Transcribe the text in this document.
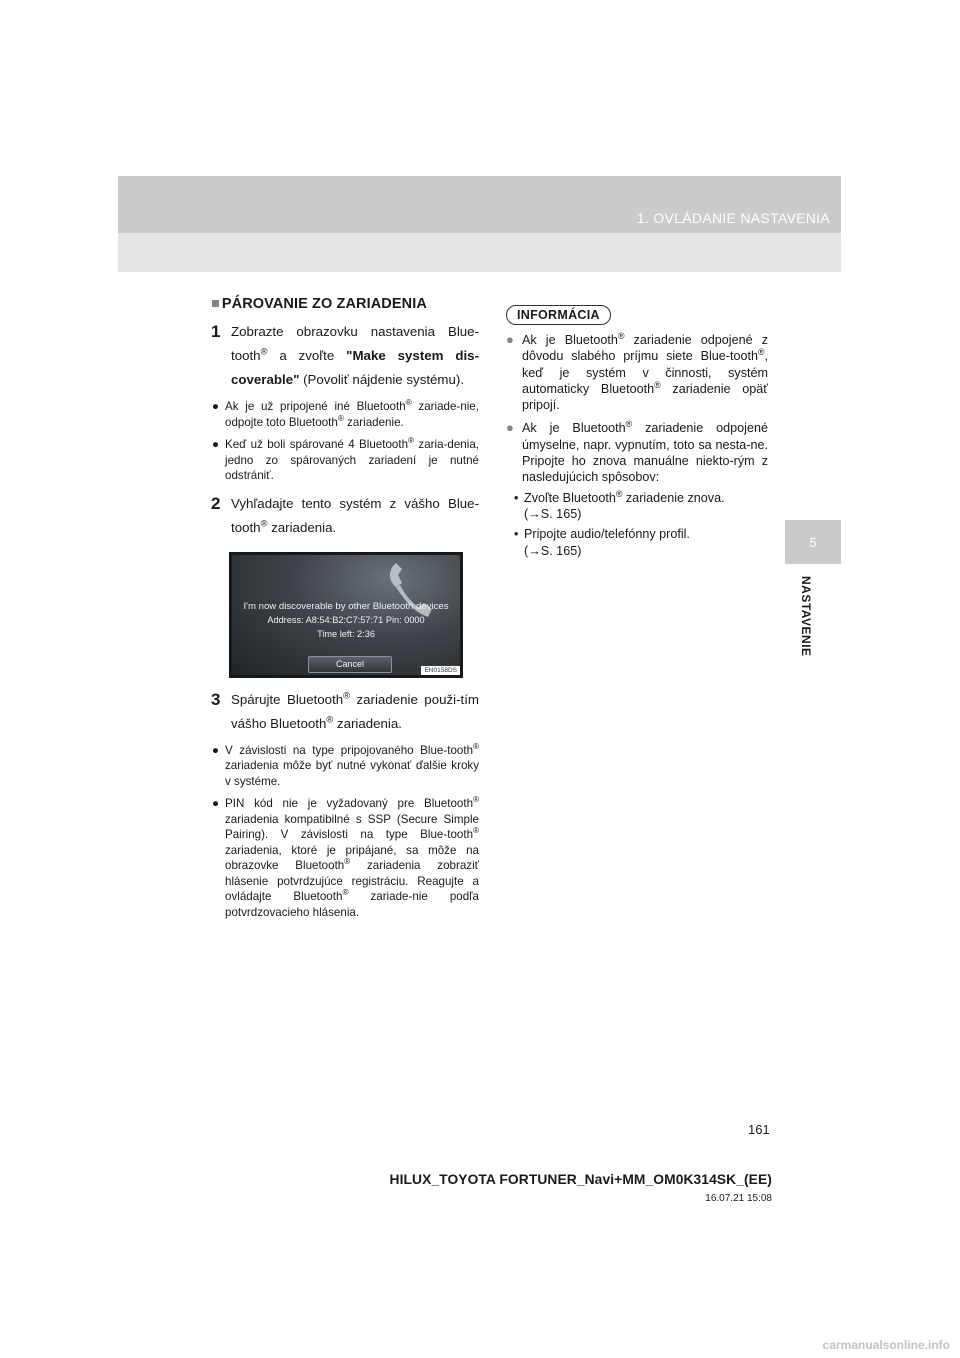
1. OVLÁDANIE NASTAVENIA
5
NASTAVENIE
■ PÁROVANIE ZO ZARIADENIA
1 Zobrazte obrazovku nastavenia Blue-tooth® a zvoľte "Make system dis-coverable" (Povoliť nájdenie systému).
● Ak je už pripojené iné Bluetooth® zariade-nie, odpojte toto Bluetooth® zariadenie.
● Keď už boli spárované 4 Bluetooth® zaria-denia, jedno zo spárovaných zariadení je nutné odstrániť.
2 Vyhľadajte tento systém z vášho Blue-tooth® zariadenia.
I'm now discoverable by other Bluetooth devices
Address: A8:54:B2:C7:57:71 Pin: 0000
Time left: 2:36
Cancel
EN0158DS
3 Spárujte Bluetooth® zariadenie použi-tím vášho Bluetooth® zariadenia.
● V závislosti na type pripojovaného Blue-tooth® zariadenia môže byť nutné vykonať ďalšie kroky v systéme.
● PIN kód nie je vyžadovaný pre Bluetooth® zariadenia kompatibilné s SSP (Secure Simple Pairing). V závislosti na type Blue-tooth® zariadenia, ktoré je pripájané, sa môže na obrazovke Bluetooth® zariadenia zobraziť hlásenie potvrdzujúce registráciu. Reagujte a ovládajte Bluetooth® zariade-nie podľa potvrdzovacieho hlásenia.
INFORMÁCIA
● Ak je Bluetooth® zariadenie odpojené z dôvodu slabého príjmu siete Blue-tooth®, keď je systém v činnosti, systém automaticky Bluetooth® zariadenie opäť pripojí.
● Ak je Bluetooth® zariadenie odpojené úmyselne, napr. vypnutím, toto sa nesta-ne. Pripojte ho znova manuálne niekto-rým z nasledujúcich spôsobov:
• Zvoľte Bluetooth® zariadenie znova.
(→S. 165)
• Pripojte audio/telefónny profil.
(→S. 165)
161
HILUX_TOYOTA FORTUNER_Navi+MM_OM0K314SK_(EE)
16.07.21 15:08
carmanualsonline.info
